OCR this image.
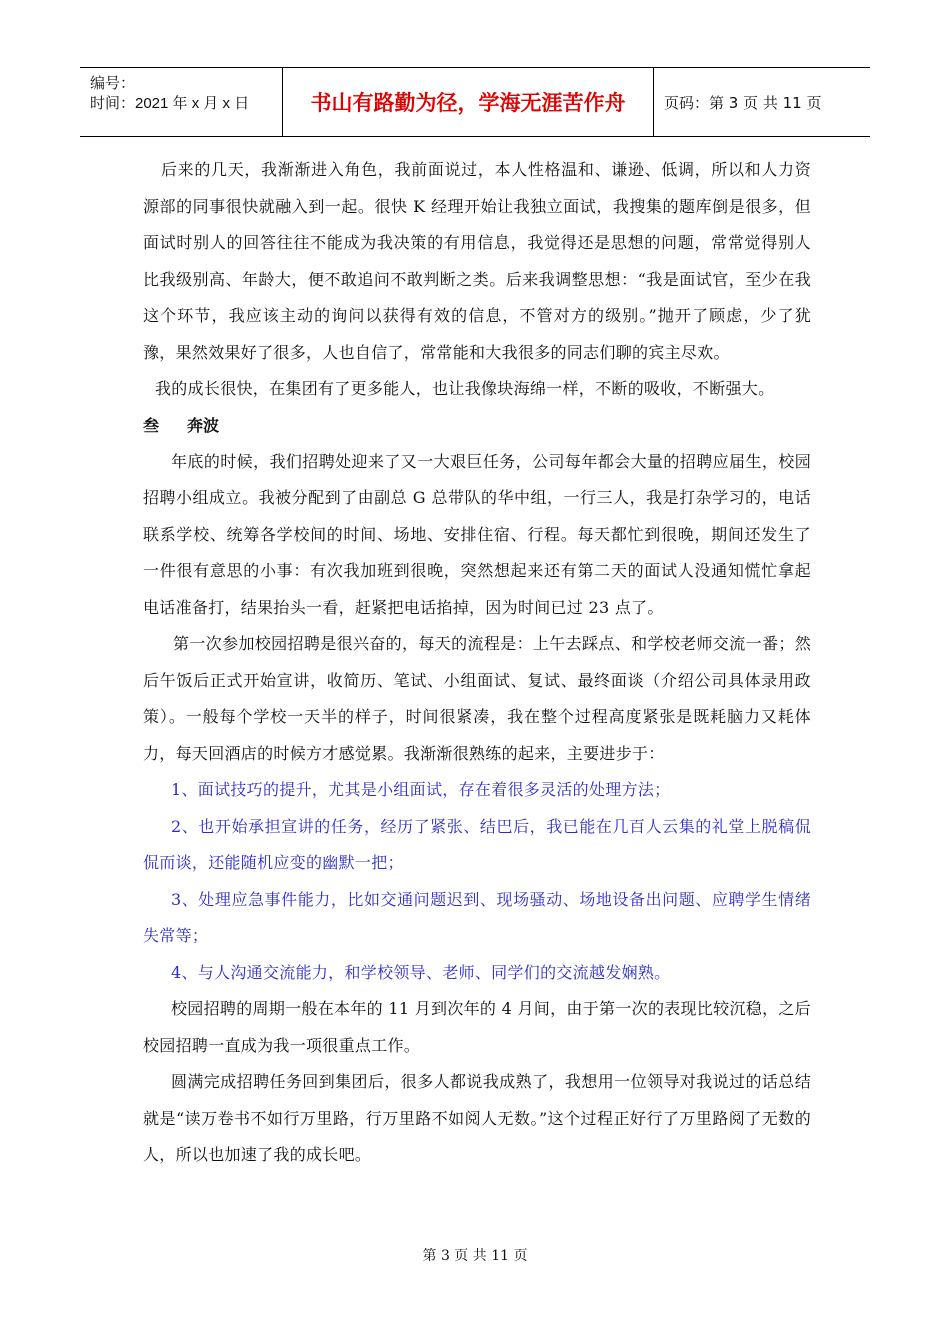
编号：
时间：2021 年 x 月 x 日	书山有路勤为径，学海无涯苦作舟	页码：第 3 页 共 11 页

后来的几天，我渐渐进入角色，我前面说过，本人性格温和、谦逊、低调，所以和人力资源部的同事很快就融入到一起。很快 K 经理开始让我独立面试，我搜集的题库倒是很多，但面试时别人的回答往往不能成为我决策的有用信息，我觉得还是思想的问题，常常觉得别人比我级别高、年龄大，便不敢追问不敢判断之类。后来我调整思想：“我是面试官，至少在我这个环节，我应该主动的询问以获得有效的信息，不管对方的级别。”抛开了顾虑，少了犹豫，果然效果好了很多，人也自信了，常常能和大我很多的同志们聊的宾主尽欢。

我的成长很快，在集团有了更多能人，也让我像块海绵一样，不断的吸收，不断强大。

叁 奔波

年底的时候，我们招聘处迎来了又一大艰巨任务，公司每年都会大量的招聘应届生，校园招聘小组成立。我被分配到了由副总 G 总带队的华中组，一行三人，我是打杂学习的，电话联系学校、统筹各学校间的时间、场地、安排住宿、行程。每天都忙到很晚，期间还发生了一件很有意思的小事：有次我加班到很晚，突然想起来还有第二天的面试人没通知慌忙拿起电话准备打，结果抬头一看，赶紧把电话掐掉，因为时间已过 23 点了。

第一次参加校园招聘是很兴奋的，每天的流程是：上午去踩点、和学校老师交流一番；然后午饭后正式开始宣讲，收简历、笔试、小组面试、复试、最终面谈（介绍公司具体录用政策）。一般每个学校一天半的样子，时间很紧凑，我在整个过程高度紧张是既耗脑力又耗体力，每天回酒店的时候方才感觉累。我渐渐很熟练的起来，主要进步于：

1、面试技巧的提升，尤其是小组面试，存在着很多灵活的处理方法；

2、也开始承担宣讲的任务，经历了紧张、结巴后，我已能在几百人云集的礼堂上脱稿侃侃而谈，还能随机应变的幽默一把；

3、处理应急事件能力，比如交通问题迟到、现场骚动、场地设备出问题、应聘学生情绪失常等；

4、与人沟通交流能力，和学校领导、老师、同学们的交流越发娴熟。

校园招聘的周期一般在本年的 11 月到次年的 4 月间，由于第一次的表现比较沉稳，之后校园招聘一直成为我一项很重点工作。

圆满完成招聘任务回到集团后，很多人都说我成熟了，我想用一位领导对我说过的话总结就是“读万卷书不如行万里路，行万里路不如阅人无数。”这个过程正好行了万里路阅了无数的人，所以也加速了我的成长吧。

第 3 页 共 11 页
